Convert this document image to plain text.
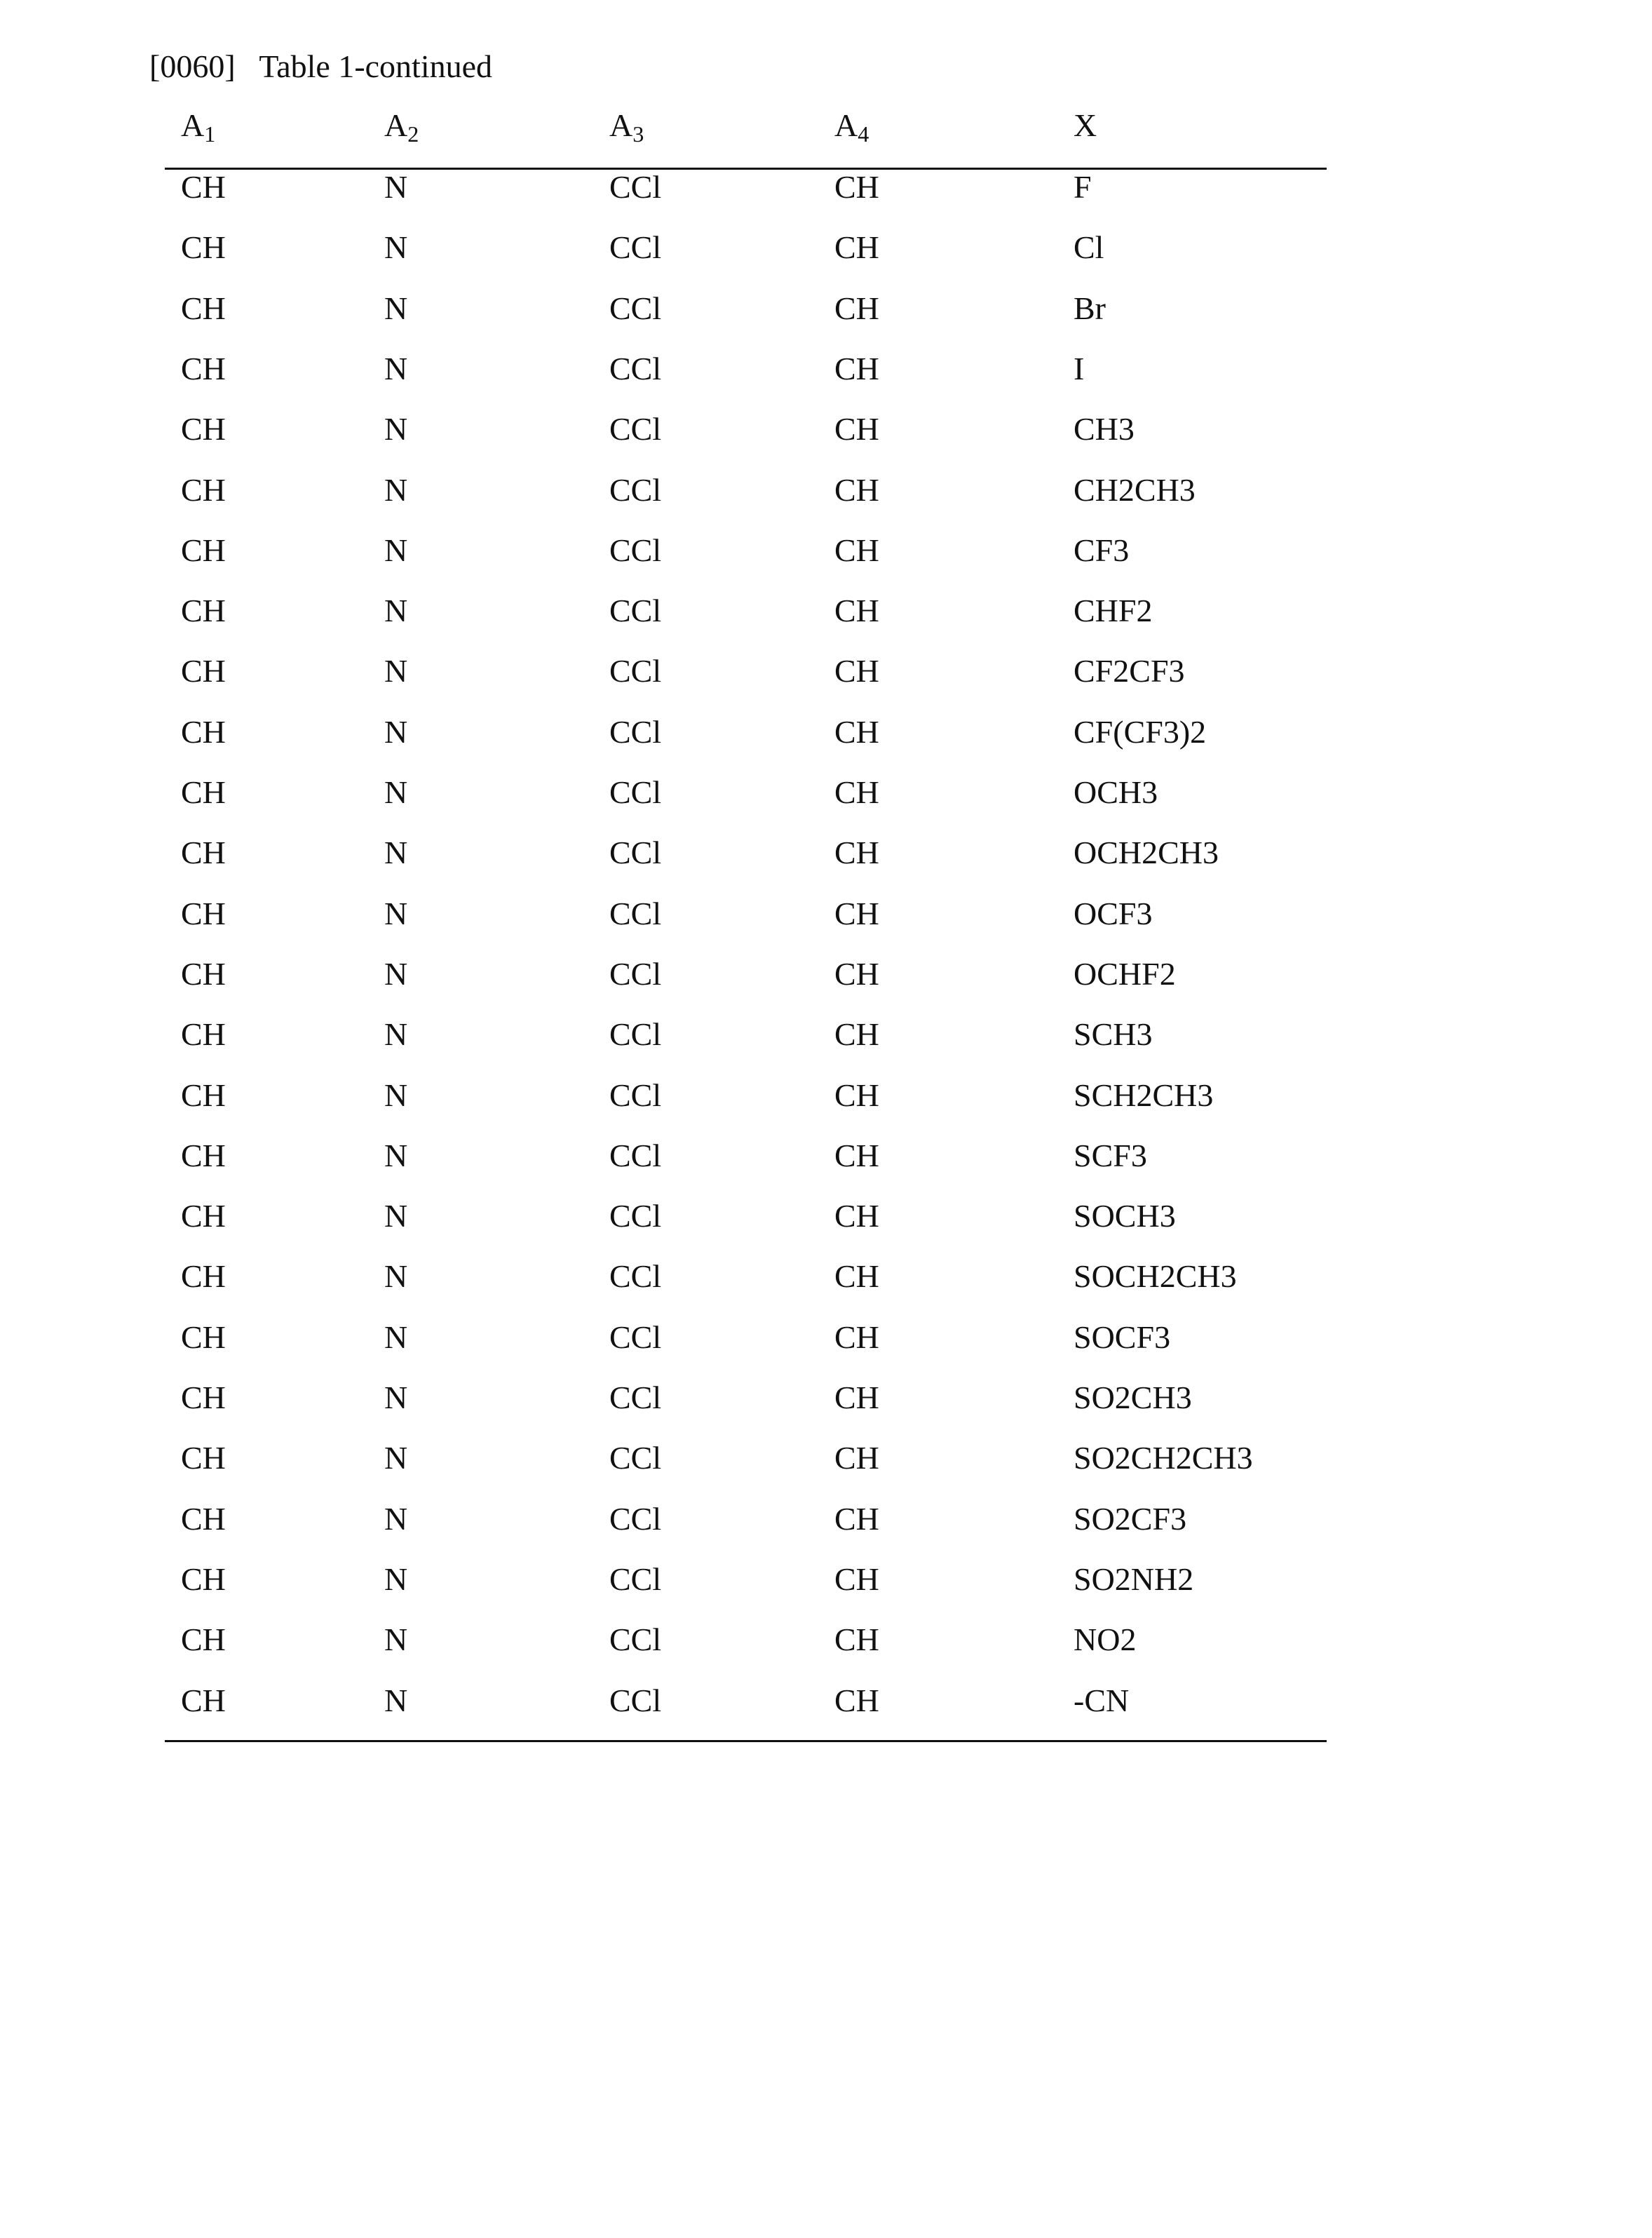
[0060] Table 1-continued
A1	A2	A3	A4	X
CH	N	CCl	CH	F
CH	N	CCl	CH	Cl
CH	N	CCl	CH	Br
CH	N	CCl	CH	I
CH	N	CCl	CH	CH3
CH	N	CCl	CH	CH2CH3
CH	N	CCl	CH	CF3
CH	N	CCl	CH	CHF2
CH	N	CCl	CH	CF2CF3
CH	N	CCl	CH	CF(CF3)2
CH	N	CCl	CH	OCH3
CH	N	CCl	CH	OCH2CH3
CH	N	CCl	CH	OCF3
CH	N	CCl	CH	OCHF2
CH	N	CCl	CH	SCH3
CH	N	CCl	CH	SCH2CH3
CH	N	CCl	CH	SCF3
CH	N	CCl	CH	SOCH3
CH	N	CCl	CH	SOCH2CH3
CH	N	CCl	CH	SOCF3
CH	N	CCl	CH	SO2CH3
CH	N	CCl	CH	SO2CH2CH3
CH	N	CCl	CH	SO2CF3
CH	N	CCl	CH	SO2NH2
CH	N	CCl	CH	NO2
CH	N	CCl	CH	-CN
